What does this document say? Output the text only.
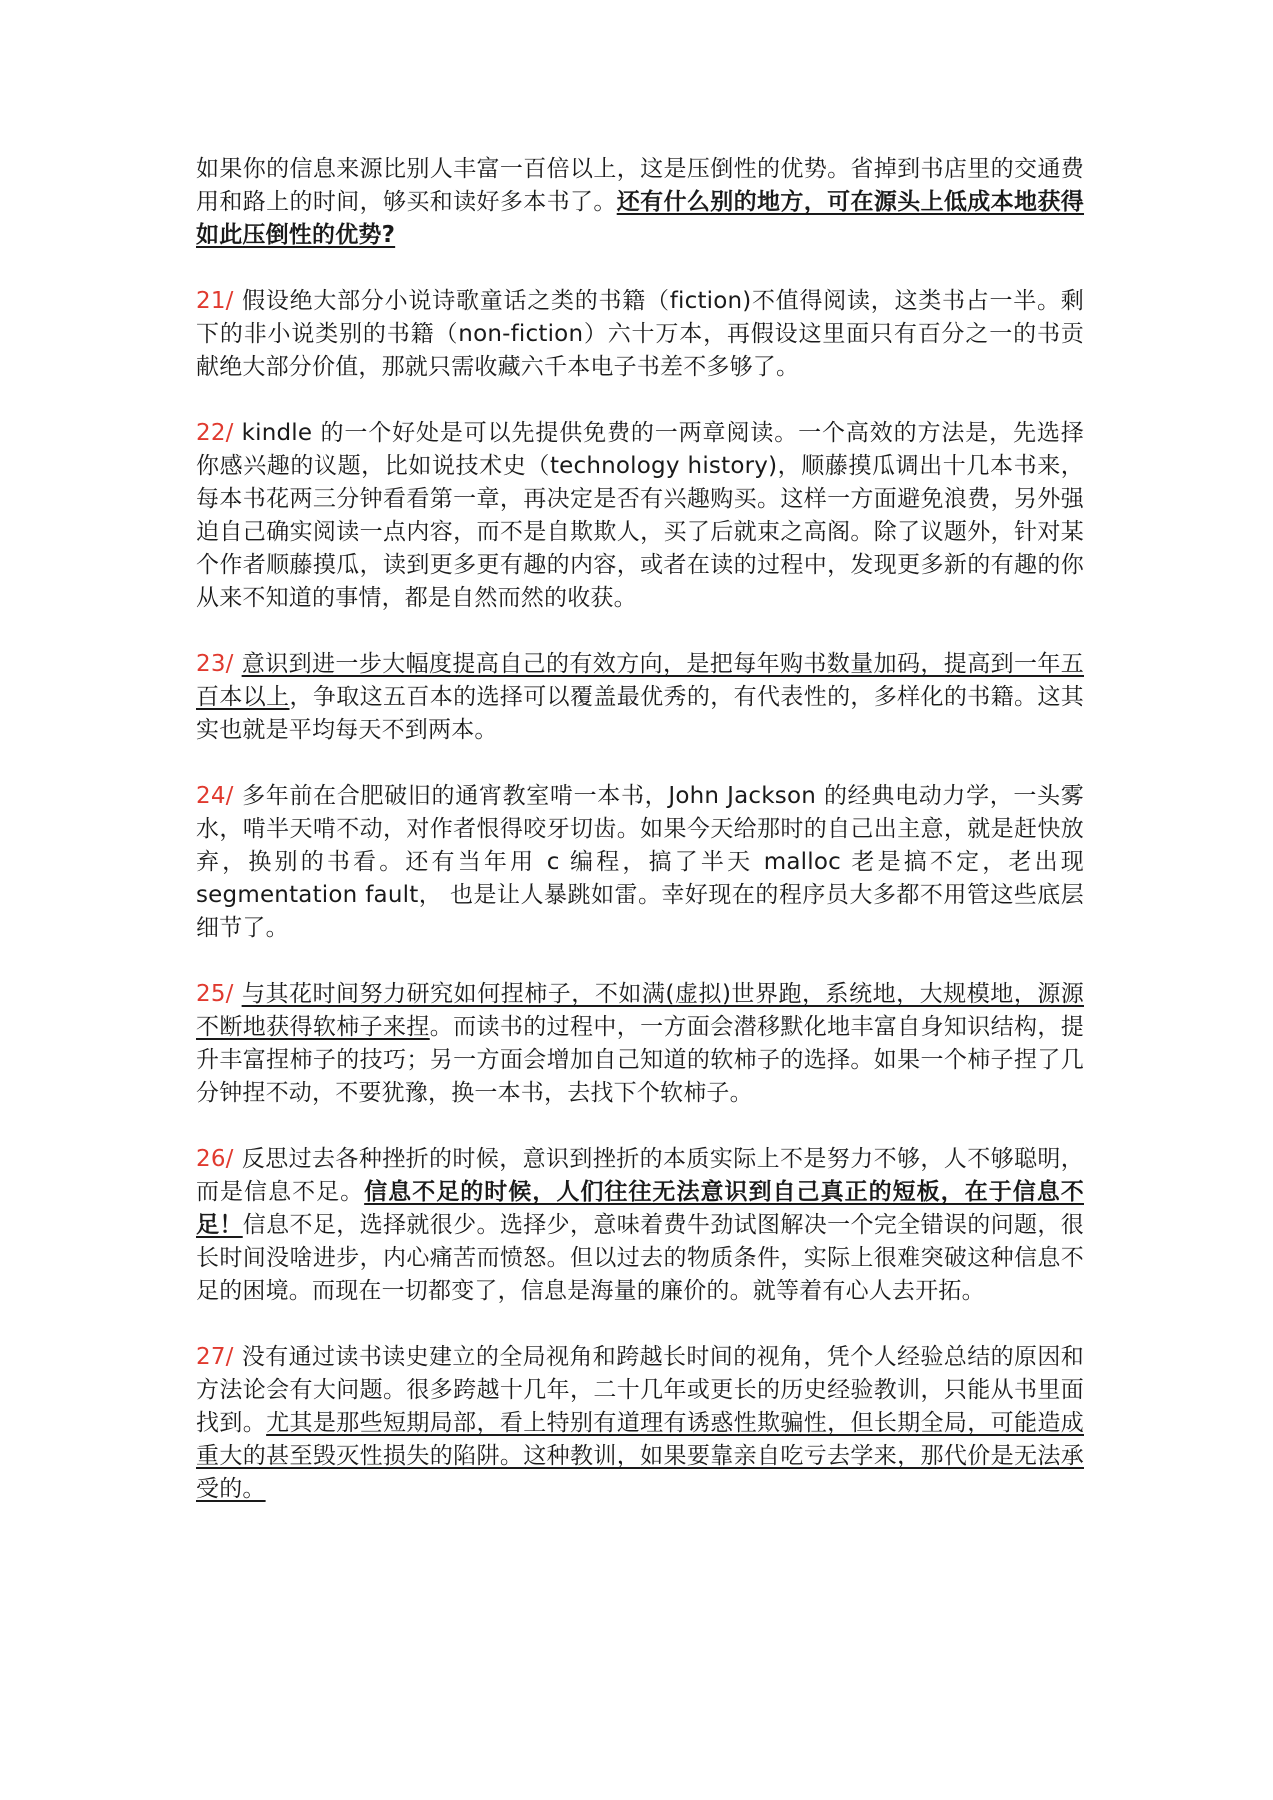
如果你的信息来源比别人丰富一百倍以上，这是压倒性的优势。省掉到书店里的交通费用和路上的时间，够买和读好多本书了。还有什么别的地方，可在源头上低成本地获得如此压倒性的优势?

21/ 假设绝大部分小说诗歌童话之类的书籍（fiction)不值得阅读，这类书占一半。剩下的非小说类别的书籍（non-fiction）六十万本，再假设这里面只有百分之一的书贡献绝大部分价值，那就只需收藏六千本电子书差不多够了。

22/ kindle 的一个好处是可以先提供免费的一两章阅读。一个高效的方法是，先选择你感兴趣的议题，比如说技术史（technology history)，顺藤摸瓜调出十几本书来，每本书花两三分钟看看第一章，再决定是否有兴趣购买。这样一方面避免浪费，另外强迫自己确实阅读一点内容，而不是自欺欺人，买了后就束之高阁。除了议题外，针对某个作者顺藤摸瓜，读到更多更有趣的内容，或者在读的过程中，发现更多新的有趣的你从来不知道的事情，都是自然而然的收获。

23/ 意识到进一步大幅度提高自己的有效方向，是把每年购书数量加码，提高到一年五百本以上，争取这五百本的选择可以覆盖最优秀的，有代表性的，多样化的书籍。这其实也就是平均每天不到两本。

24/ 多年前在合肥破旧的通宵教室啃一本书，John Jackson 的经典电动力学，一头雾水，啃半天啃不动，对作者恨得咬牙切齿。如果今天给那时的自己出主意，就是赶快放弃，换别的书看。还有当年用 c 编程，搞了半天 malloc 老是搞不定，老出现 segmentation fault， 也是让人暴跳如雷。幸好现在的程序员大多都不用管这些底层细节了。

25/ 与其花时间努力研究如何捏柿子，不如满(虚拟)世界跑，系统地，大规模地，源源不断地获得软柿子来捏。而读书的过程中，一方面会潜移默化地丰富自身知识结构，提升丰富捏柿子的技巧；另一方面会增加自己知道的软柿子的选择。如果一个柿子捏了几分钟捏不动，不要犹豫，换一本书，去找下个软柿子。

26/ 反思过去各种挫折的时候，意识到挫折的本质实际上不是努力不够，人不够聪明，而是信息不足。信息不足的时候，人们往往无法意识到自己真正的短板，在于信息不足！信息不足，选择就很少。选择少，意味着费牛劲试图解决一个完全错误的问题，很长时间没啥进步，内心痛苦而愤怒。但以过去的物质条件，实际上很难突破这种信息不足的困境。而现在一切都变了，信息是海量的廉价的。就等着有心人去开拓。

27/ 没有通过读书读史建立的全局视角和跨越长时间的视角，凭个人经验总结的原因和方法论会有大问题。很多跨越十几年，二十几年或更长的历史经验教训，只能从书里面找到。尤其是那些短期局部，看上特别有道理有诱惑性欺骗性，但长期全局，可能造成重大的甚至毁灭性损失的陷阱。这种教训，如果要靠亲自吃亏去学来，那代价是无法承受的。
